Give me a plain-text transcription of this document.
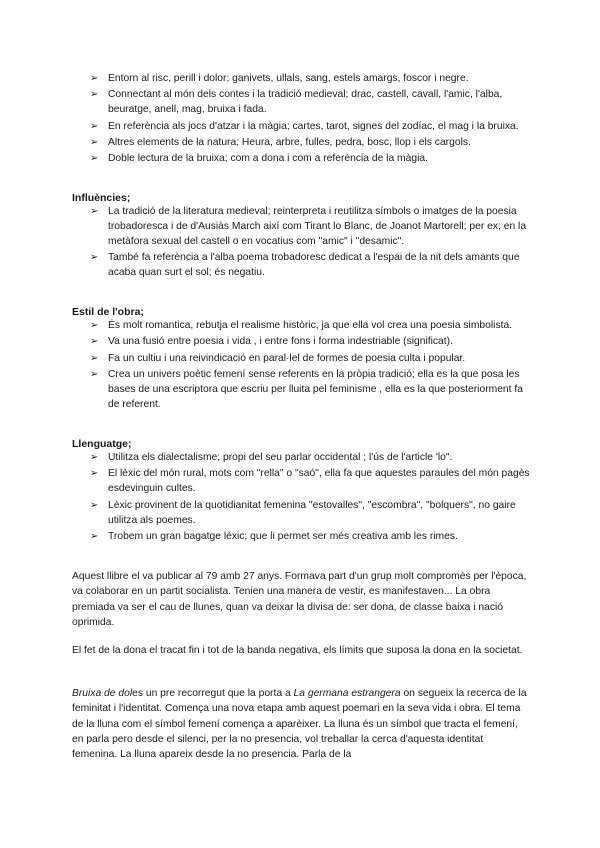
➢ Entorn al risc, perill i dolor; ganivets, ullals, sang, estels amargs, foscor i negre.
➢ Connectant al món dels contes i la tradició medieval; drac, castell, cavall, l'amic, l'alba, beuratge, anell, mag, bruixa i fada.
➢ En referència als jocs d'atzar i la màgia; cartes, tarot, signes del zodíac, el mag i la bruixa.
➢ Altres elements de la natura; Heura, arbre, fulles, pedra, bosc, llop i els cargols.
➢ Doble lectura de la bruixa; com a dona i com a referència de la màgia.
Influències;
➢ La tradició de la literatura medieval; reinterpreta i reutilitza símbols o imatges de la poesia trobadoresca i de d'Ausiàs March així com Tirant lo Blanc, de Joanot Martorell; per ex; en la metàfora sexual del castell o en vocatius com "amic" i "desamic".
➢ També fa referència a l'alba poema trobadoresc dedicat a l'espai de la nit dels amants que acaba quan surt el sol; és negatiu.
Estil de l'obra;
➢ És molt romantica, rebutja el realisme històric, ja que ella vol crea una poesia simbolista.
➢ Va una fusió entre poesia i vida , i entre fons i forma indestriable (significat).
➢ Fa un cultiu i una reivindicació en paral·lel de formes de poesia culta i popular.
➢ Crea un univers poètic femení sense referents en la pròpia tradició; ella es la que posa les bases de una escriptora que escriu per lluita pel feminisme , ella es la que posteriorment fa de referent.
Llenguatge;
➢ Utilitza els dialectalisme; propi del seu parlar occidental ; l'ús de l'article 'lo".
➢ El lèxic del món rural, mots com "rella" o "saó", ella fa que aquestes paraules del món pagès esdevinguin cultes.
➢ Lèxic provinent de la quotidianitat femenina "estovalles", "escombra", "bolquers", no gaire utilitza als poemes.
➢ Trobem un gran bagatge lèxic; que li permet ser més creativa amb les rimes.

Aquest llibre el va publicar al 79 amb 27 anys. Formava part d'un grup molt compromès per l'època, va colaborar en un partit socialista. Tenien una manera de vestir, es manifestaven... La obra premiada va ser el cau de llunes, quan va deixar la divisa de: ser dona, de classe baixa i nació oprimida.

El fet de la dona el tracat fin i tot de la banda negativa, els límits que suposa la dona en la societat.

Bruixa de doles un pre recorregut que la porta a La germana estrangera on segueix la recerca de la feminitat i l'identitat. Comença una nova etapa amb aquest poemari en la seva vida i obra. El tema de la lluna com el símbol femení comença a aparèixer. La lluna és un símbol que tracta el femení, en parla pero desde el silenci, per la no presencia, vol treballar la cerca d'aquesta identitat femenina. La lluna apareix desde la no presencia. Parla de la
